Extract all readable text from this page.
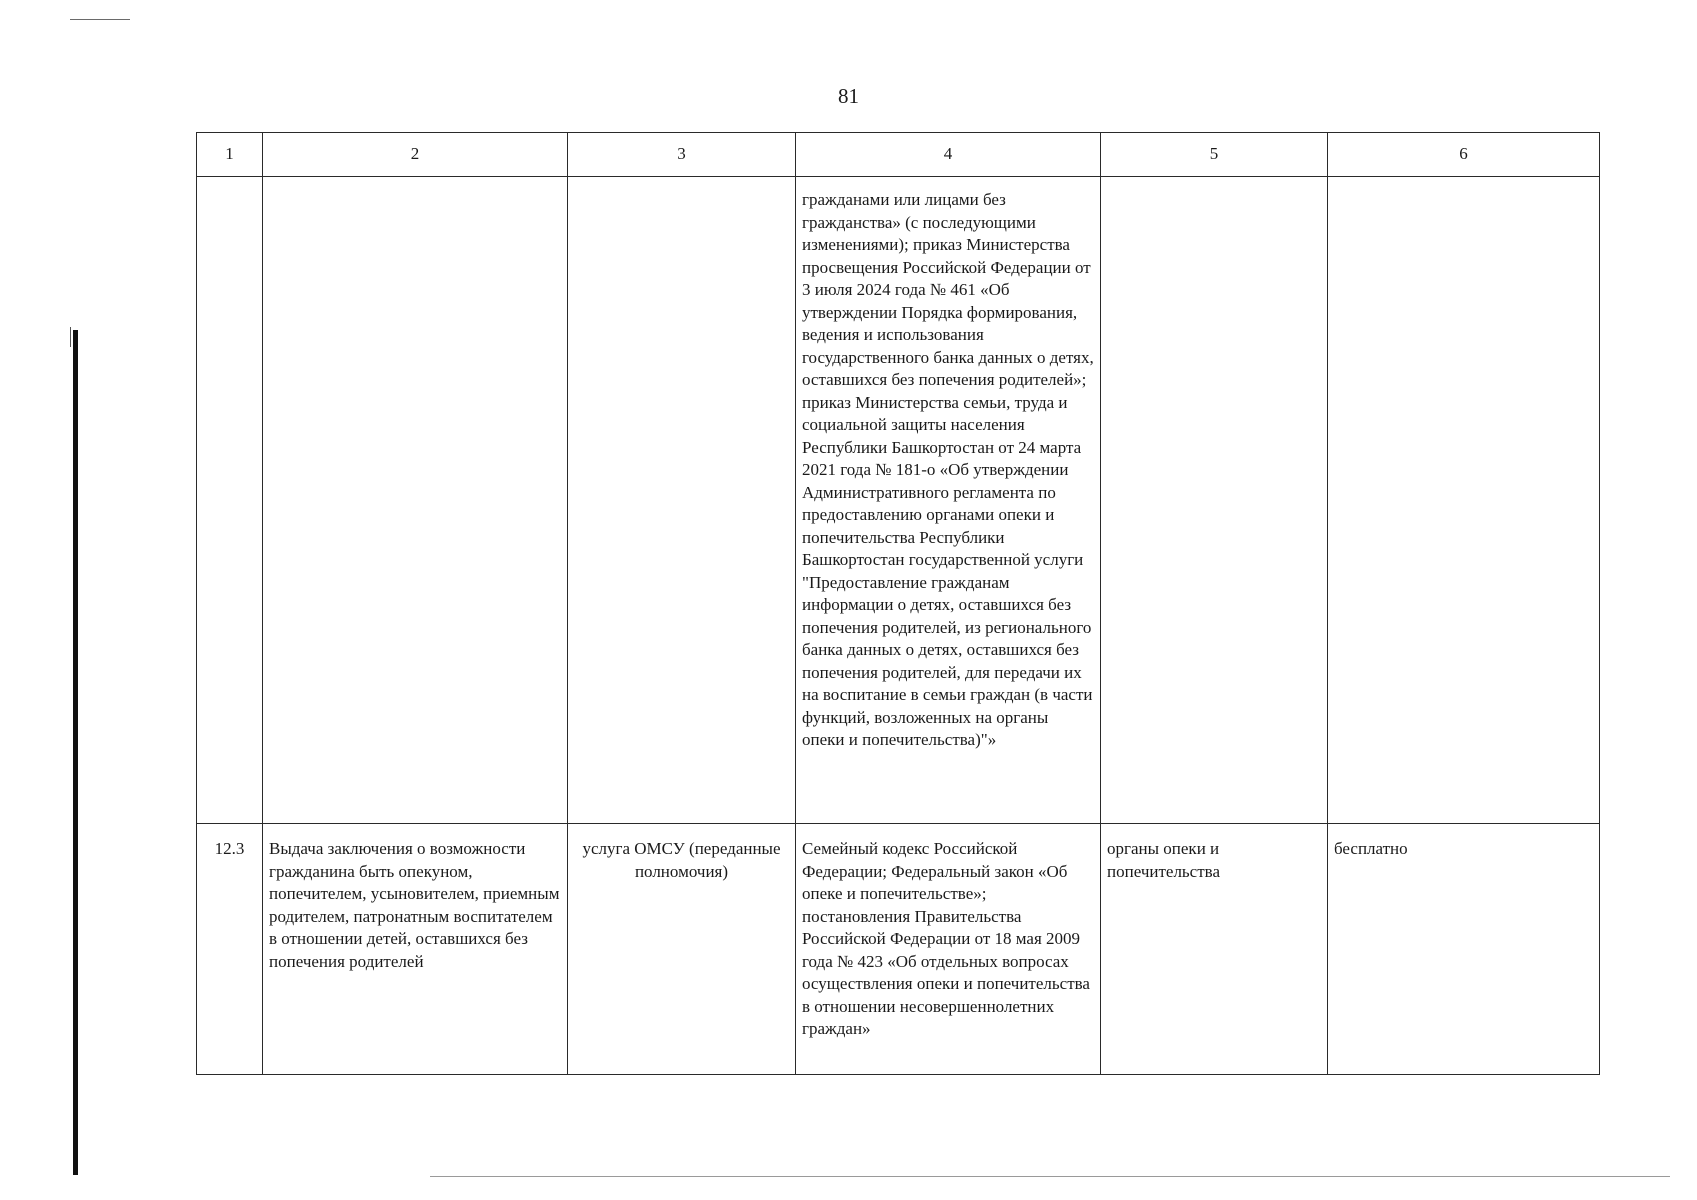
81
1	2	3	4	5	6

			гражданами или лицами без гражданства» (с последующими изменениями); приказ Министерства просвещения Российской Федерации от 3 июля 2024 года № 461 «Об утверждении Порядка формирования, ведения и использования государственного банка данных о детях, оставшихся без попечения родителей»; приказ Министерства семьи, труда и социальной защиты населения Республики Башкортостан от 24 марта 2021 года № 181-о «Об утверждении Административного регламента по предоставлению органами опеки и попечительства Республики Башкортостан государственной услуги "Предоставление гражданам информации о детях, оставшихся без попечения родителей, из регионального банка данных о детях, оставшихся без попечения родителей, для передачи их на воспитание в семьи граждан (в части функций, возложенных на органы опеки и попечительства)"»		

12.3	Выдача заключения о возможности гражданина быть опекуном, попечителем, усыновителем, приемным родителем, патронатным воспитателем в отношении детей, оставшихся без попечения родителей	услуга ОМСУ (переданные полномочия)	Семейный кодекс Российской Федерации; Федеральный закон «Об опеке и попечительстве»; постановления Правительства Российской Федерации от 18 мая 2009 года № 423 «Об отдельных вопросах осуществления опеки и попечительства в отношении несовершеннолетних граждан»	органы опеки и попечительства	бесплатно
